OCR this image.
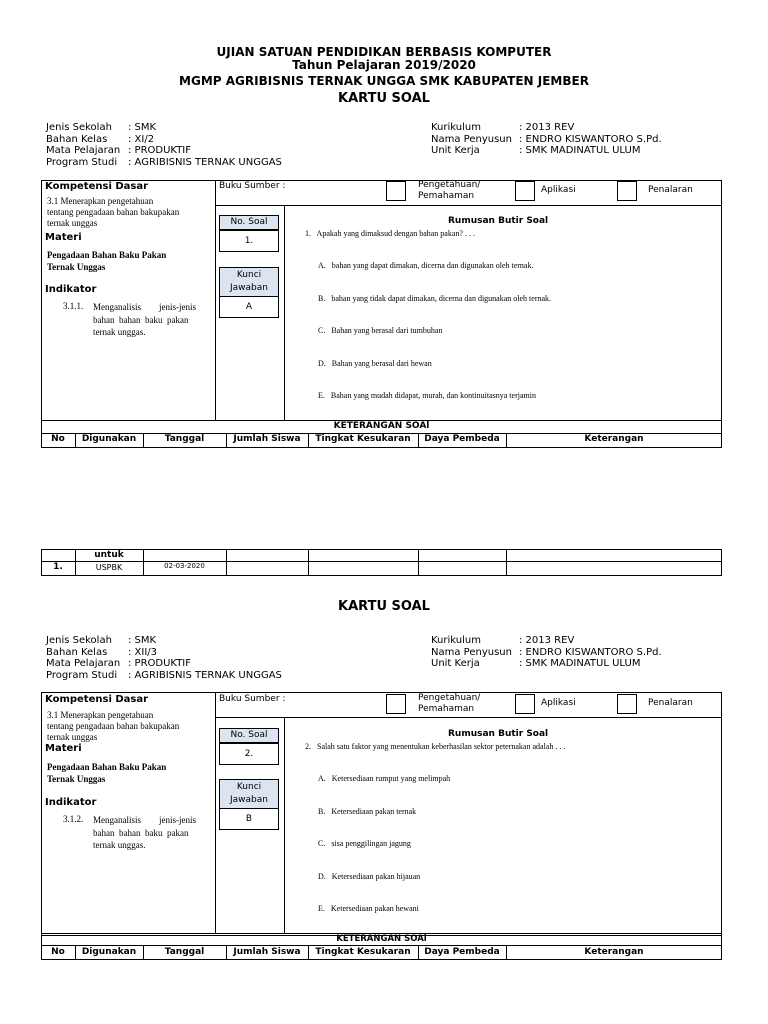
UJIAN SATUAN PENDIDIKAN BERBASIS KOMPUTER
Tahun Pelajaran 2019/2020
MGMP AGRIBISNIS TERNAK UNGGA SMK KABUPATEN JEMBER
KARTU SOAL
Jenis Sekolah	: SMK
Bahan Kelas	: XI/2
Mata Pelajaran : PRODUKTIF
Program Studi	: AGRIBISNIS TERNAK UNGGAS
Kurikulum	: 2013 REV
Nama Penyusun : ENDRO KISWANTORO S.Pd.
Unit Kerja	: SMK MADINATUL ULUM
Kompetensi Dasar
3.1 Menerapkan pengetahuan
tentang pengadaan bahan bakupakan
ternak unggas
Materi
Pengadaan Bahan Baku Pakan
Ternak Unggas
Indikator
3.1.1. Menganalisis        jenis-jenis
bahan  bahan  baku  pakan
ternak unggas.
Buku Sumber :	Pengetahuan/
Pemahaman
Aplikasi	Penalaran
No. Soal
1.
Kunci
Jawaban
A
Rumusan Butir Soal
1.   Apakah yang dimaksud dengan bahan pakan? . . .

A.   bahan yang dapat dimakan, dicerna dan digunakan oleh ternak.

B.   bahan yang tidak dapat dimakan, dicerna dan digunakan oleh ternak.

C.   Bahan yang berasal dari tumbuhan

D.   Bahan yang berasal dari hewan

E.   Bahan yang mudah didapat, murah, dan kontinuitasnya terjamin

KETERANGAN SOAl
No	Digunakan	Tanggal	Jumlah Siswa	Tingkat Kesukaran	Daya Pembeda	Keterangan
untuk
1.	USPBK	02-03-2020
KARTU SOAL
Jenis Sekolah	: SMK
Bahan Kelas	: XII/3
Mata Pelajaran : PRODUKTIF
Program Studi	: AGRIBISNIS TERNAK UNGGAS
Kurikulum	: 2013 REV
Nama Penyusun : ENDRO KISWANTORO S.Pd.
Unit Kerja	: SMK MADINATUL ULUM
Kompetensi Dasar
3.1 Menerapkan pengetahuan
tentang pengadaan bahan bakupakan
ternak unggas
Materi
Pengadaan Bahan Baku Pakan
Ternak Unggas
Indikator
3.1.2. Menganalisis        jenis-jenis
bahan  bahan  baku  pakan
ternak unggas.
Buku Sumber :	Pengetahuan/
Pemahaman
Aplikasi	Penalaran
No. Soal
2.
Kunci
Jawaban
B
Rumusan Butir Soal
2.   Salah satu faktor yang menentukan keberhasilan sektor peternakan adalah . . .

A.   Ketersediaan rumput yang melimpah

B.   Ketersediaan pakan ternak

C.   sisa penggilingan jagung

D.   Ketersediaan pakan hijauan

E.   Ketersediaan pakan hewani

KETERANGAN SOAl
No	Digunakan	Tanggal	Jumlah Siswa	Tingkat Kesukaran	Daya Pembeda	Keterangan
